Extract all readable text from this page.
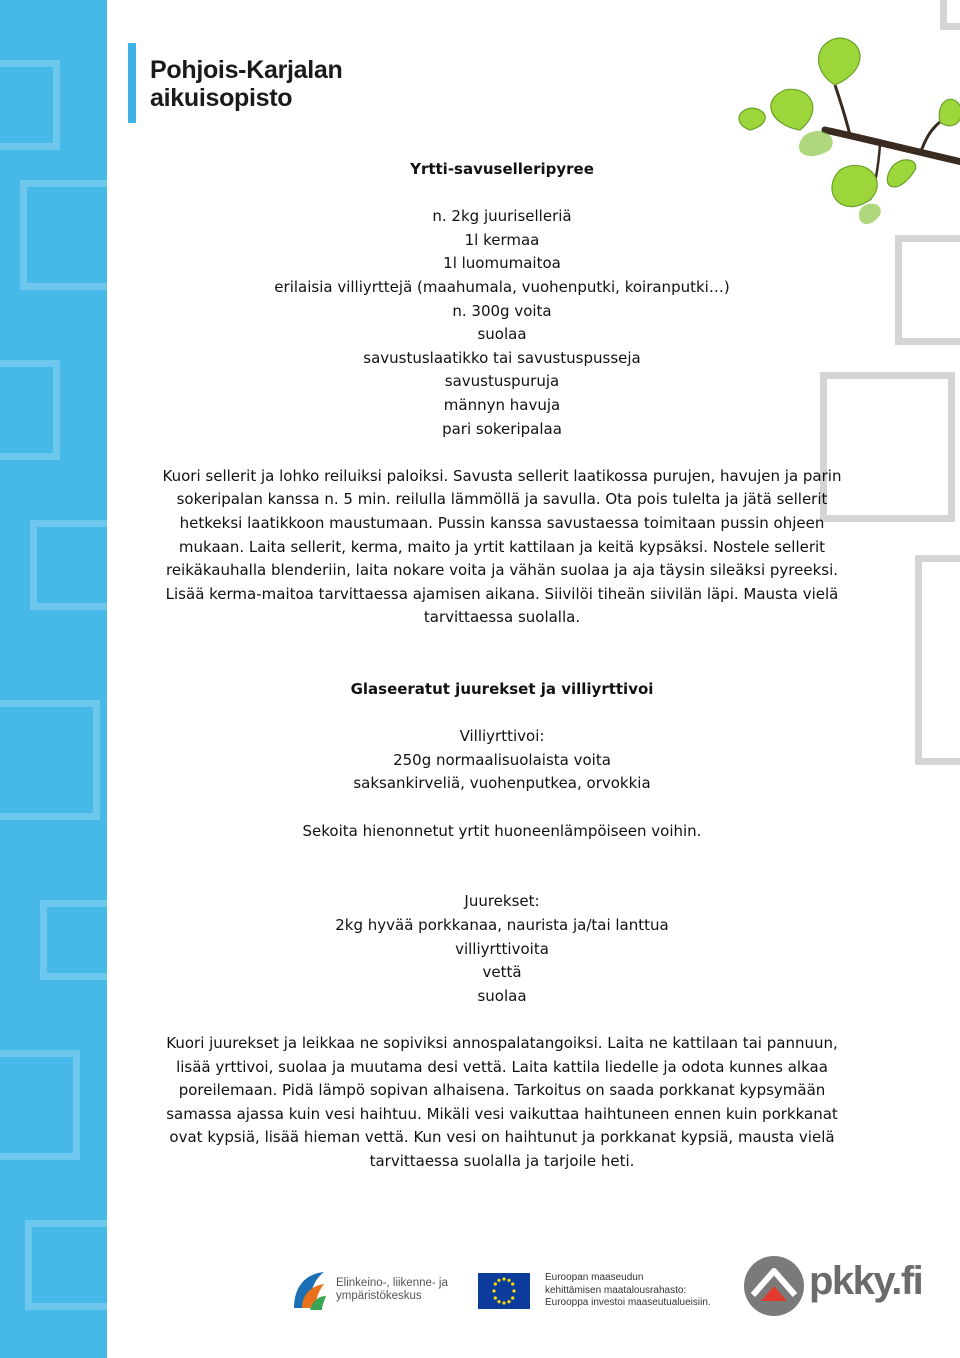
Pohjois-Karjalan
aikuisopisto
Yrtti-savuselleripyree
n. 2kg juuriselleriä
1l kermaa
1l luomumaitoa
erilaisia villiyrttejä (maahumala, vuohenputki, koiranputki…)
n. 300g voita
suolaa
savustuslaatikko tai savustuspusseja
savustuspuruja
männyn havuja
pari sokeripalaa
Kuori sellerit ja lohko reiluiksi paloiksi. Savusta sellerit laatikossa purujen, havujen ja parin
sokeripalan kanssa n. 5 min. reilulla lämmöllä ja savulla. Ota pois tulelta ja jätä sellerit
hetkeksi laatikkoon maustumaan. Pussin kanssa savustaessa toimitaan pussin ohjeen
mukaan. Laita sellerit, kerma, maito ja yrtit kattilaan ja keitä kypsäksi. Nostele sellerit
reikäkauhalla blenderiin, laita nokare voita ja vähän suolaa ja aja täysin sileäksi pyreeksi.
Lisää kerma-maitoa tarvittaessa ajamisen aikana. Siivilöi tiheän siivilän läpi. Mausta vielä
tarvittaessa suolalla.
Glaseeratut juurekset ja villiyrttivoi
Villiyrttivoi:
250g normaalisuolaista voita
saksankirveliä, vuohenputkea, orvokkia
Sekoita hienonnetut yrtit huoneenlämpöiseen voihin.
Juurekset:
2kg hyvää porkkanaa, naurista ja/tai lanttua
villiyrttivoita
vettä
suolaa
Kuori juurekset ja leikkaa ne sopiviksi annospalatangoiksi. Laita ne kattilaan tai pannuun,
lisää yrttivoi, suolaa ja muutama desi vettä. Laita kattila liedelle ja odota kunnes alkaa
poreilemaan. Pidä lämpö sopivan alhaisena. Tarkoitus on saada porkkanat kypsymään
samassa ajassa kuin vesi haihtuu. Mikäli vesi vaikuttaa haihtuneen ennen kuin porkkanat
ovat kypsiä, lisää hieman vettä. Kun vesi on haihtunut ja porkkanat kypsiä, mausta vielä
tarvittaessa suolalla ja tarjoile heti.
Elinkeino-, liikenne- ja
ympäristökeskus
Euroopan maaseudun
kehittämisen maatalousrahasto:
Eurooppa investoi maaseutualueisiin. pkky.fi
